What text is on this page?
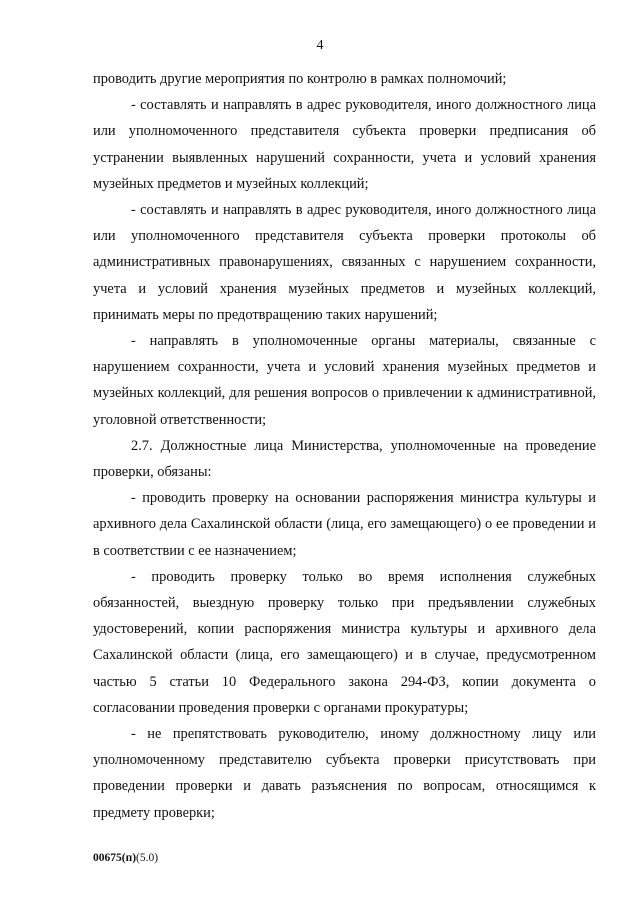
4

проводить другие мероприятия по контролю в рамках полномочий;

- составлять и направлять в адрес руководителя, иного должностного лица или уполномоченного представителя субъекта проверки предписания об устранении выявленных нарушений сохранности, учета и условий хранения музейных предметов и музейных коллекций;

- составлять и направлять в адрес руководителя, иного должностного лица или уполномоченного представителя субъекта проверки протоколы об административных правонарушениях, связанных с нарушением сохранности, учета и условий хранения музейных предметов и музейных коллекций, принимать меры по предотвращению таких нарушений;

- направлять в уполномоченные органы материалы, связанные с нарушением сохранности, учета и условий хранения музейных предметов и музейных коллекций, для решения вопросов о привлечении к административной, уголовной ответственности;

2.7. Должностные лица Министерства, уполномоченные на проведение проверки, обязаны:

- проводить проверку на основании распоряжения министра культуры и архивного дела Сахалинской области (лица, его замещающего) о ее проведении и в соответствии с ее назначением;

- проводить проверку только во время исполнения служебных обязанностей, выездную проверку только при предъявлении служебных удостоверений, копии распоряжения министра культуры и архивного дела Сахалинской области (лица, его замещающего) и в случае, предусмотренном частью 5 статьи 10 Федерального закона 294-ФЗ, копии документа о согласовании проведения проверки с органами прокуратуры;

- не препятствовать руководителю, иному должностному лицу или уполномоченному представителю субъекта проверки присутствовать при проведении проверки и давать разъяснения по вопросам, относящимся к предмету проверки;

00675(п)(5.0)
